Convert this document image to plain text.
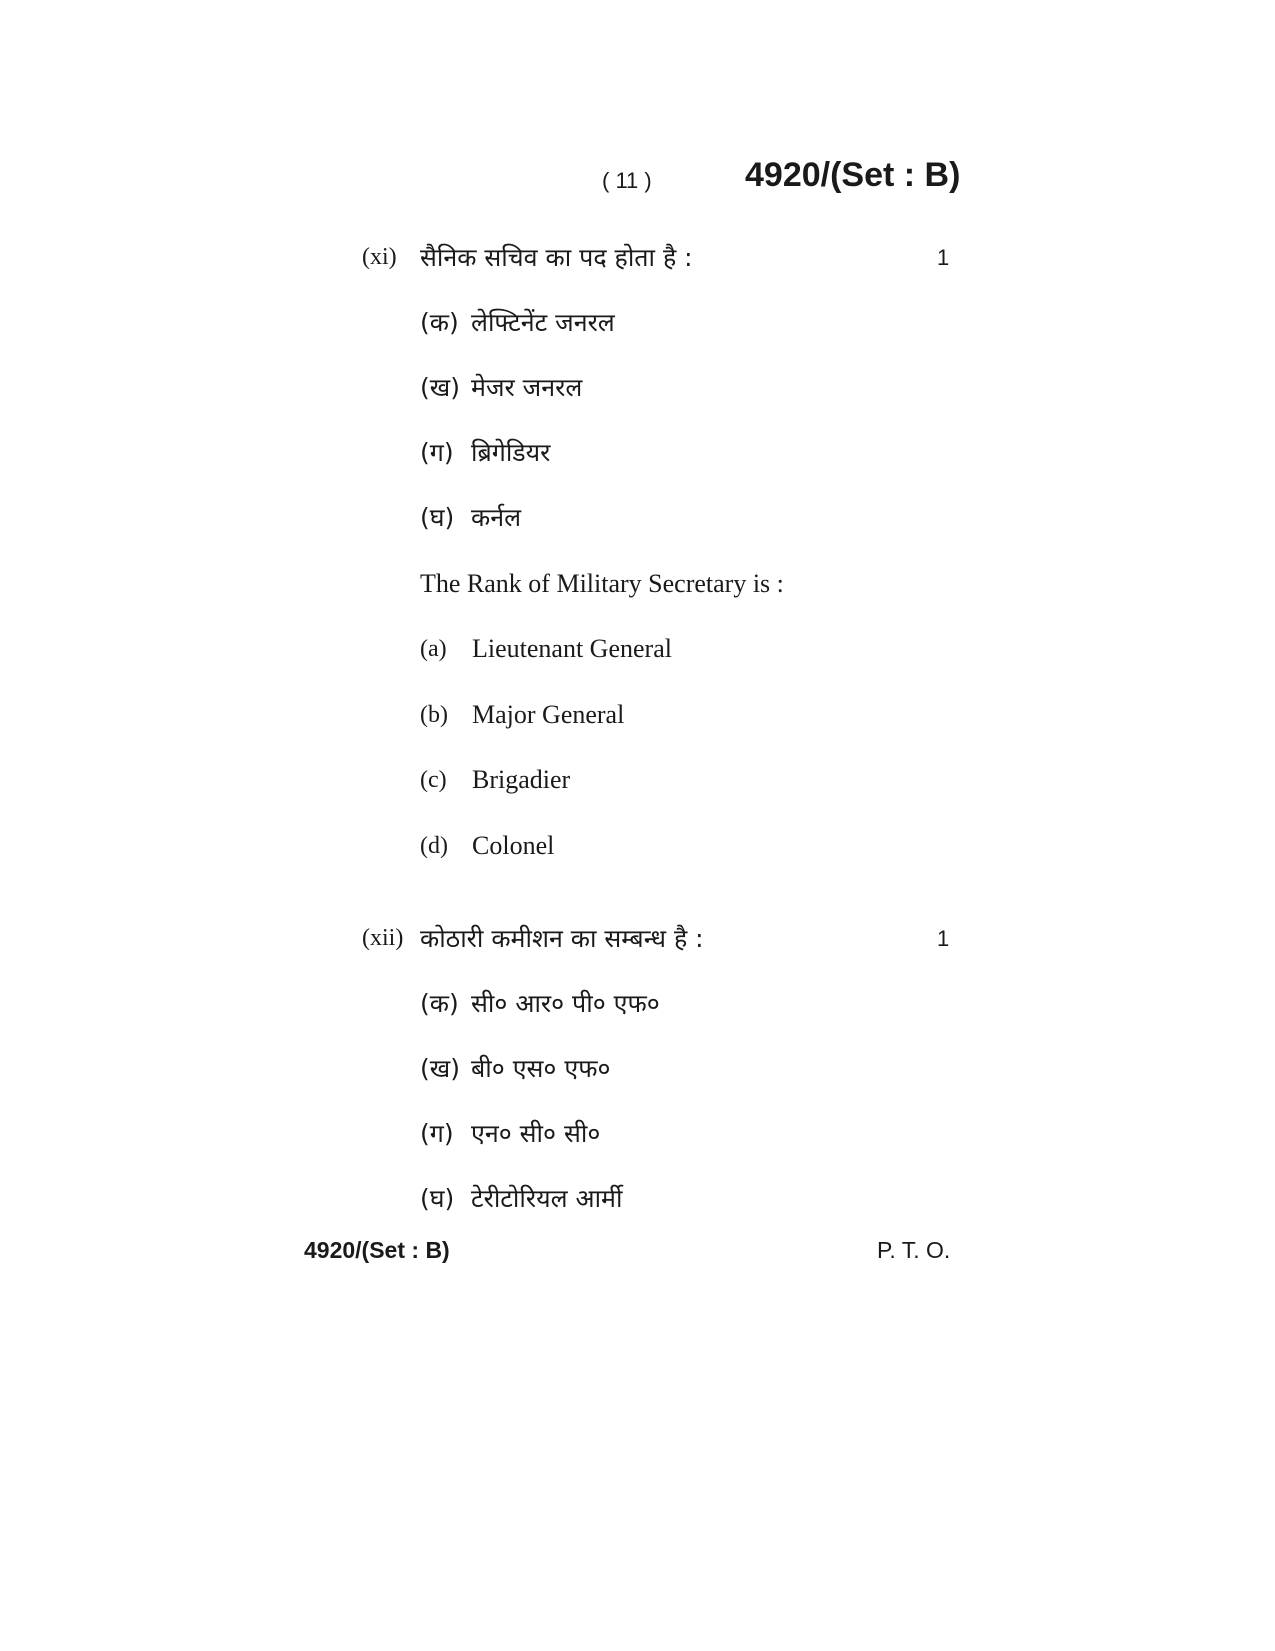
( 11 )	4920/(Set : B)
(xi) सैनिक सचिव का पद होता है :	1
(क) लेफ्टिनेंट जनरल
(ख) मेजर जनरल
(ग) ब्रिगेडियर
(घ) कर्नल
The Rank of Military Secretary is :
(a) Lieutenant General
(b) Major General
(c) Brigadier
(d) Colonel
(xii) कोठारी कमीशन का सम्बन्ध है :	1
(क) सी० आर० पी० एफ०
(ख) बी० एस० एफ०
(ग) एन० सी० सी०
(घ) टेरीटोरियल आर्मी
4920/(Set : B)	P. T. O.
